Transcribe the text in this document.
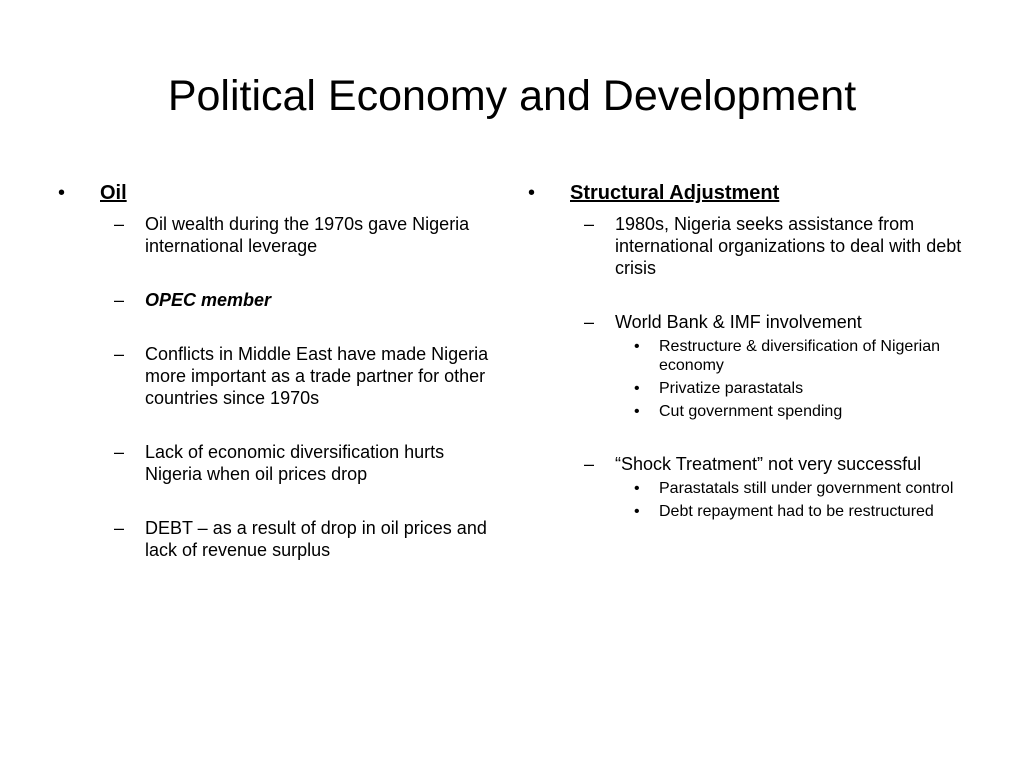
Political Economy and Development
• Oil
– Oil wealth during the 1970s gave Nigeria international leverage
– OPEC member
– Conflicts in Middle East have made Nigeria more important as a trade partner for other countries since 1970s
– Lack of economic diversification hurts Nigeria when oil prices drop
– DEBT – as a result of drop in oil prices and lack of revenue surplus
• Structural Adjustment
– 1980s, Nigeria seeks assistance from international organizations to deal with debt crisis
– World Bank & IMF involvement
• Restructure & diversification of Nigerian economy
• Privatize parastatals
• Cut government spending
– “Shock Treatment” not very successful
• Parastatals still under government control
• Debt repayment had to be restructured
